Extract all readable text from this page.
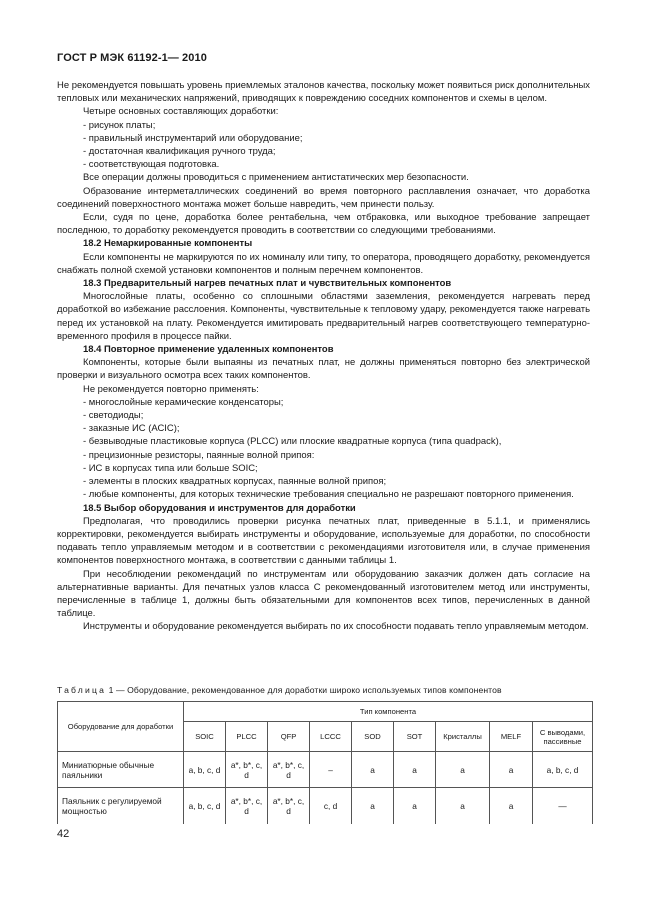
ГОСТ Р МЭК 61192-1— 2010

Не рекомендуется повышать уровень приемлемых эталонов качества, поскольку может появиться риск дополнительных тепловых или механических напряжений, приводящих к повреждению соседних компонентов и схемы в целом.

Четыре основных составляющих доработки:

- рисунок платы;

- правильный инструментарий или оборудование;

- достаточная квалификация ручного труда;

- соответствующая подготовка.

Все операции должны проводиться с применением антистатических мер безопасности.

Образование интерметаллических соединений во время повторного расплавления означает, что доработка соединений поверхностного монтажа может больше навредить, чем принести пользу.

Если, судя по цене, доработка более рентабельна, чем отбраковка, или выходное требование запрещает последнюю, то доработку рекомендуется проводить в соответствии со следующими требованиями.

18.2 Немаркированные компоненты

Если компоненты не маркируются по их номиналу или типу, то оператора, проводящего доработку, рекомендуется снабжать полной схемой установки компонентов и полным перечнем компонентов.

18.3 Предварительный нагрев печатных плат и чувствительных компонентов

Многослойные платы, особенно со сплошными областями заземления, рекомендуется нагревать перед доработкой во избежание расслоения. Компоненты, чувствительные к тепловому удару, рекомендуется также нагревать перед их установкой на плату. Рекомендуется имитировать предварительный нагрев соответствующего температурно-временного профиля в процессе пайки.

18.4 Повторное применение удаленных компонентов

Компоненты, которые были выпаяны из печатных плат, не должны применяться повторно без электрической проверки и визуального осмотра всех таких компонентов.

Не рекомендуется повторно применять:

- многослойные керамические конденсаторы;

- светодиоды;

- заказные ИС (АСIС);

- безвыводные пластиковые корпуса (PLCC) или плоские квадратные корпуса (типа quadpack),

- прецизионные резисторы, паянные волной припоя:

- ИС в корпусах типа или больше SOIC;

- элементы в плоских квадратных корпусах, паянные волной припоя;

- любые компоненты, для которых технические требования специально не разрешают повторного применения.

18.5 Выбор оборудования и инструментов для доработки

Предполагая, что проводились проверки рисунка печатных плат, приведенные в 5.1.1, и применялись корректировки, рекомендуется выбирать инструменты и оборудование, используемые для доработки, по способности подавать тепло управляемым методом и в соответствии с рекомендациями изготовителя или, в случае применения компонентов поверхностного монтажа, в соответствии с данными таблицы 1.

При несоблюдении рекомендаций по инструментам или оборудованию заказчик должен дать согласие на альтернативные варианты. Для печатных узлов класса С рекомендованный изготовителем метод или инструменты, перечисленные в таблице 1, должны быть обязательными для компонентов всех типов, перечисленных в данной таблице.

Инструменты и оборудование рекомендуется выбирать по их способности подавать тепло управляемым методом.

Таблица 1 — Оборудование, рекомендованное для доработки широко используемых типов компонентов
Оборудование для доработки	Тип компонента								
	SOIC	PLCC	QFP	LCCC	SOD	SOT	Кристаллы	MELF	С выводами, пассивные
Миниатюрные обычные паяльники	a, b, c, d	a*, b*, c, d	a*, b*, c, d	–	a	a	a	a	a, b, c, d
Паяльник с регулируемой мощностью	a, b, c, d	a*, b*, c, d	a*, b*, c, d	c, d	a	a	a	a	—
42
